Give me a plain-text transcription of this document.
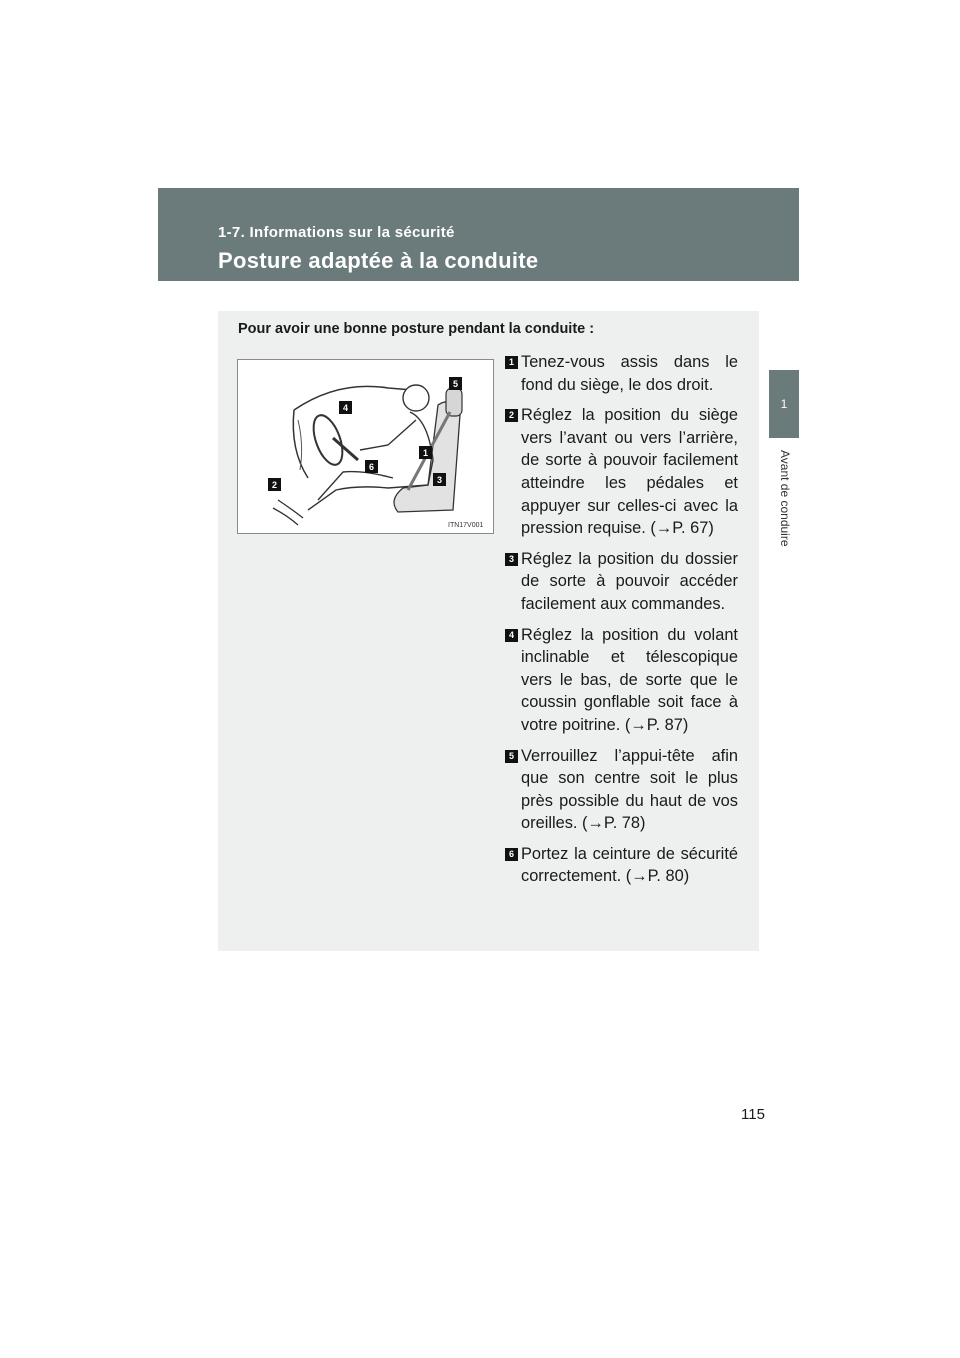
1-7. Informations sur la sécurité
Posture adaptée à la conduite
1
Avant de conduire
Pour avoir une bonne posture pendant la conduite :
1
2	3
4
5
6
ITN17V001
1 Tenez-vous assis dans le fond du siège, le dos droit.
2 Réglez la position du siège vers l’avant ou vers l’arrière, de sorte à pouvoir facilement atteindre les pédales et appuyer sur celles-ci avec la pression requise. (→P. 67)
3 Réglez la position du dossier de sorte à pouvoir accéder facilement aux commandes.
4 Réglez la position du volant inclinable et télescopique vers le bas, de sorte que le coussin gonflable soit face à votre poitrine. (→P. 87)
5 Verrouillez l’appui-tête afin que son centre soit le plus près possible du haut de vos oreilles. (→P. 78)
6 Portez la ceinture de sécurité correctement. (→P. 80)
115
